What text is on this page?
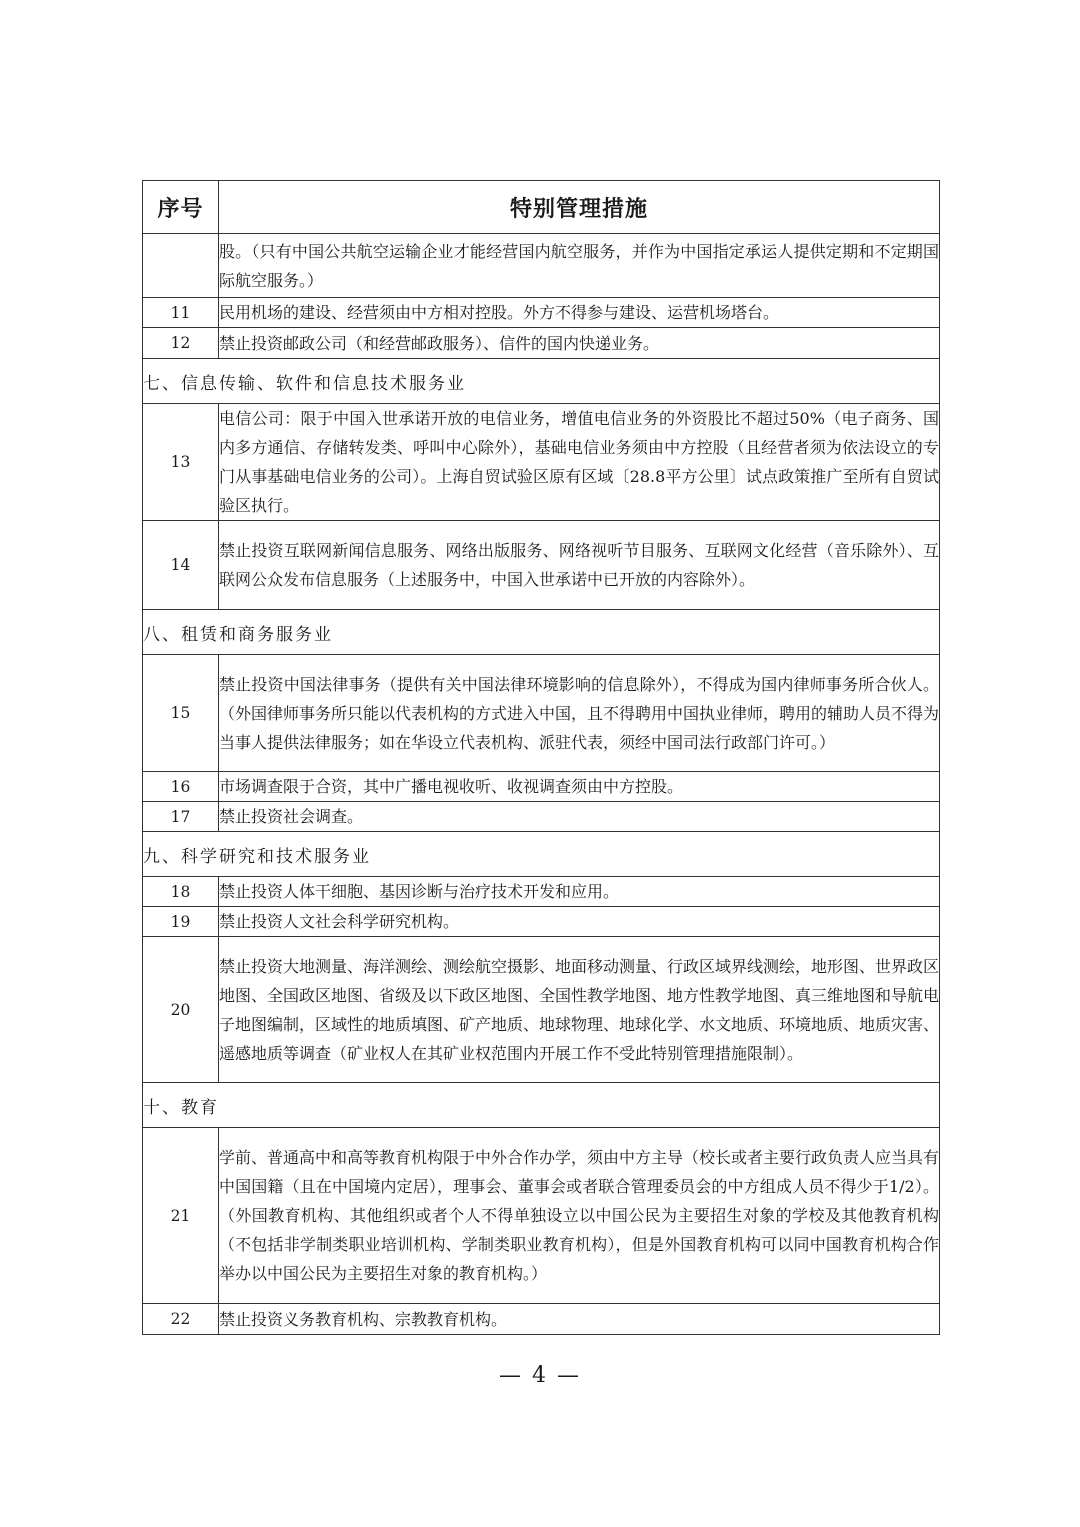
序号	特别管理措施
	股。（只有中国公共航空运输企业才能经营国内航空服务，并作为中国指定承运人提供定期和不定期国际航空服务。）
11	民用机场的建设、经营须由中方相对控股。外方不得参与建设、运营机场塔台。
12	禁止投资邮政公司（和经营邮政服务）、信件的国内快递业务。
七、信息传输、软件和信息技术服务业	
13	电信公司：限于中国入世承诺开放的电信业务，增值电信业务的外资股比不超过50%（电子商务、国内多方通信、存储转发类、呼叫中心除外），基础电信业务须由中方控股（且经营者须为依法设立的专门从事基础电信业务的公司）。上海自贸试验区原有区域〔28.8平方公里〕试点政策推广至所有自贸试验区执行。
14	禁止投资互联网新闻信息服务、网络出版服务、网络视听节目服务、互联网文化经营（音乐除外）、互联网公众发布信息服务（上述服务中，中国入世承诺中已开放的内容除外）。
八、租赁和商务服务业	
15	禁止投资中国法律事务（提供有关中国法律环境影响的信息除外），不得成为国内律师事务所合伙人。（外国律师事务所只能以代表机构的方式进入中国，且不得聘用中国执业律师，聘用的辅助人员不得为当事人提供法律服务；如在华设立代表机构、派驻代表，须经中国司法行政部门许可。）
16	市场调查限于合资，其中广播电视收听、收视调查须由中方控股。
17	禁止投资社会调查。
九、科学研究和技术服务业	
18	禁止投资人体干细胞、基因诊断与治疗技术开发和应用。
19	禁止投资人文社会科学研究机构。
20	禁止投资大地测量、海洋测绘、测绘航空摄影、地面移动测量、行政区域界线测绘，地形图、世界政区地图、全国政区地图、省级及以下政区地图、全国性教学地图、地方性教学地图、真三维地图和导航电子地图编制，区域性的地质填图、矿产地质、地球物理、地球化学、水文地质、环境地质、地质灾害、遥感地质等调查（矿业权人在其矿业权范围内开展工作不受此特别管理措施限制）。
十、教育	
21	学前、普通高中和高等教育机构限于中外合作办学，须由中方主导（校长或者主要行政负责人应当具有中国国籍（且在中国境内定居），理事会、董事会或者联合管理委员会的中方组成人员不得少于1/2）。（外国教育机构、其他组织或者个人不得单独设立以中国公民为主要招生对象的学校及其他教育机构（不包括非学制类职业培训机构、学制类职业教育机构），但是外国教育机构可以同中国教育机构合作举办以中国公民为主要招生对象的教育机构。）
22	禁止投资义务教育机构、宗教教育机构。
— 4 —
